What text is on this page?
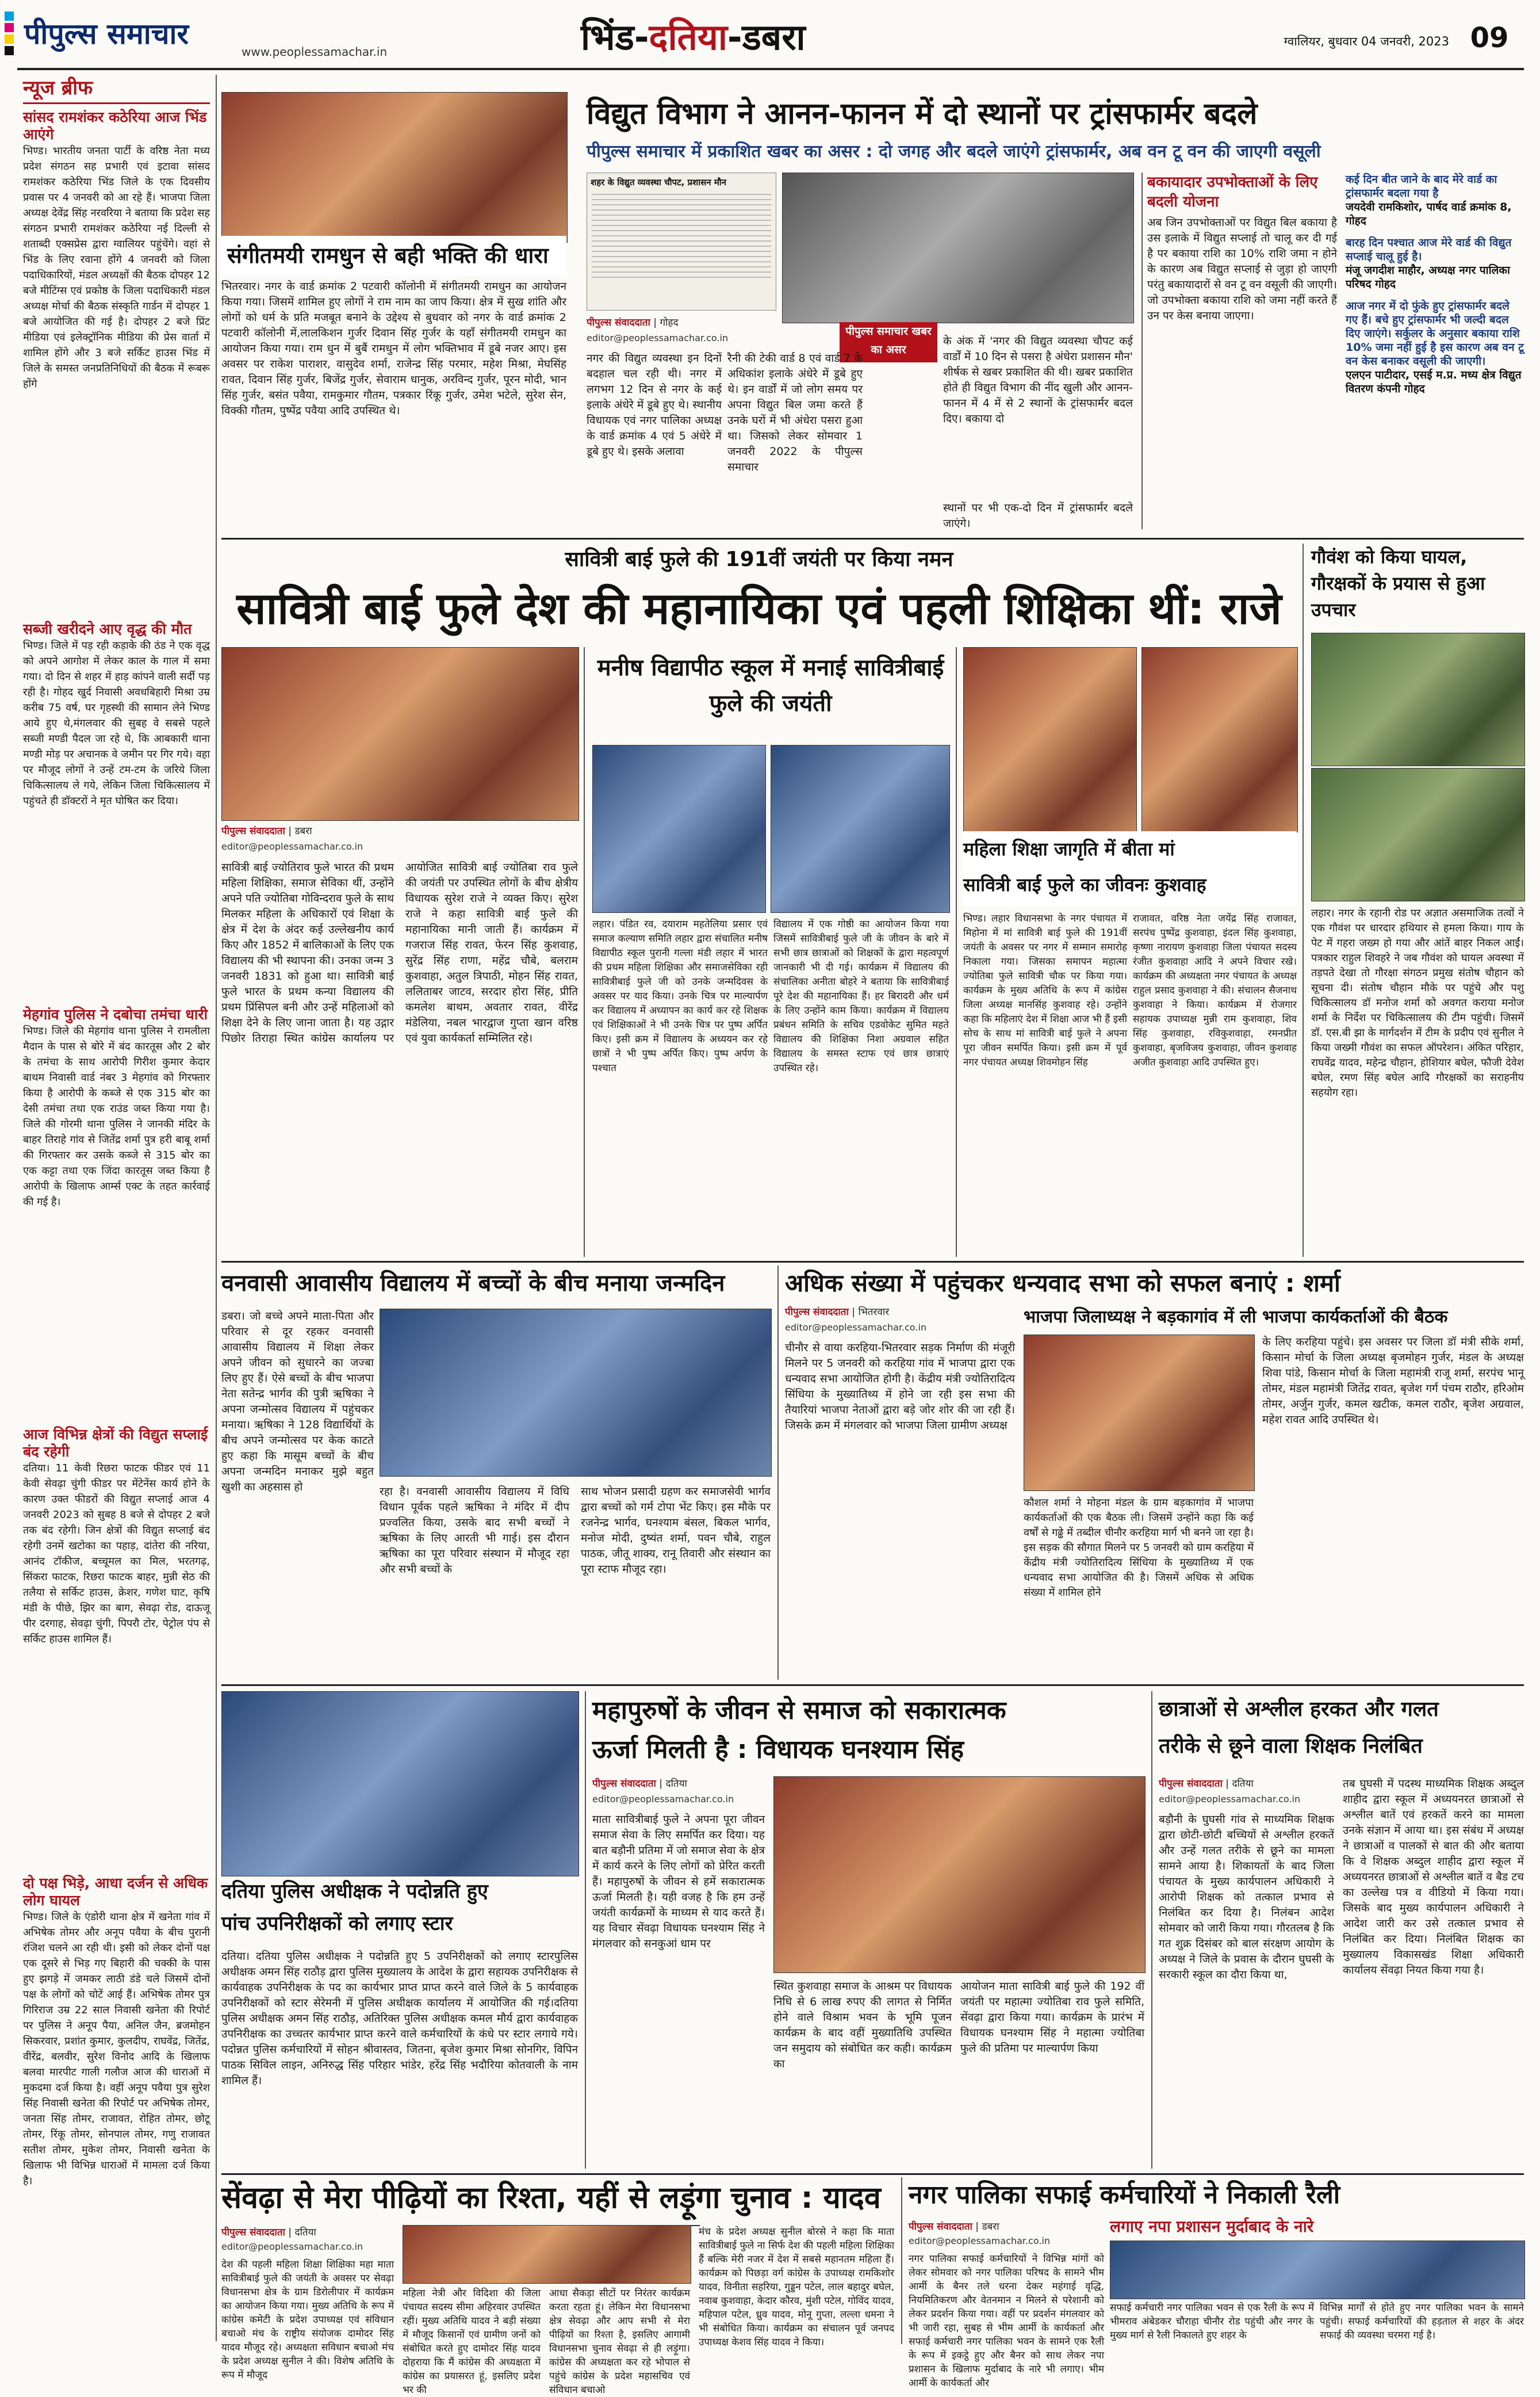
पीपुल्स समाचार
www.peoplessamachar.in	भिंड-दतिया-डबरा	ग्वालियर, बुधवार 04 जनवरी, 2023 09
न्यूज ब्रीफ
सांसद रामशंकर कठेरिया आज भिंड आएंगे
भिण्ड। भारतीय जनता पार्टी के वरिष्ठ नेता मध्य प्रदेश संगठन सह प्रभारी एवं इटावा सांसद रामशंकर कठेरिया भिंड जिले के एक दिवसीय प्रवास पर 4 जनवरी को आ रहे हैं। भाजपा जिला अध्यक्ष देवेंद्र सिंह नरवरिया ने बताया कि प्रदेश सह संगठन प्रभारी रामशंकर कठेरिया नई दिल्ली से शताब्दी एक्सप्रेस द्वारा ग्वालियर पहुंचेंगे। वहां से भिंड के लिए रवाना होंगे 4 जनवरी को जिला पदाधिकारियों, मंडल अध्यक्षों की बैठक दोपहर 12 बजे मीटिंग्स एवं प्रकोष्ठ के जिला पदाधिकारी मंडल अध्यक्ष मोर्चा की बैठक संस्कृति गार्डन में दोपहर 1 बजे आयोजित की गई है। दोपहर 2 बजे प्रिंट मीडिया एवं इलेक्ट्रॉनिक मीडिया की प्रेस वार्ता में शामिल होंगे और 3 बजे सर्किट हाउस भिंड में जिले के समस्त जनप्रतिनिधियों की बैठक में रूबरू होंगे
सब्जी खरीदने आए वृद्ध की मौत
भिण्ड। जिले में पड़ रही कड़ाके की ठंड ने एक वृद्ध को अपने आगोश में लेकर काल के गाल में समा गया। दो दिन से शहर में हाड़ कांपने वाली सर्दी पड़ रही है। गोहद खुर्द निवासी अवधबिहारी मिश्रा उम्र करीब 75 वर्ष, घर गृहस्थी की सामान लेने भिण्ड आये हुए थे,मंगलवार की सुबह वे सबसे पहले सब्जी मण्डी पैदल जा रहे थे, कि आबकारी थाना मण्डी मोड़ पर अचानक वे जमीन पर गिर गये। वहा पर मौजूद लोगों ने उन्हें टम-टम के जरिये जिला चिकित्सालय ले गये, लेकिन जिला चिकित्सालय में पहुंचते ही डॉक्टरों ने मृत घोषित कर दिया।
मेहगांव पुलिस ने दबोचा तमंचा धारी
भिण्ड। जिले की मेहगांव थाना पुलिस ने रामलीला मैदान के पास से बोरे में बंद कारतूस और 2 बोर के तमंचा के साथ आरोपी गिरीश कुमार केदार बाथम निवासी वार्ड नंबर 3 मेहगांव को गिरफ्तार किया है आरोपी के कब्जे से एक 315 बोर का देसी तमंचा तथा एक राउंड जब्त किया गया है। जिले की गोरमी थाना पुलिस ने जानकी मंदिर के बाहर तिराहे गांव से जितेंद्र शर्मा पुत्र हरी बाबू शर्मा की गिरफ्तार कर उसके कब्जे से 315 बोर का एक कट्टा तथा एक जिंदा कारतूस जब्त किया है आरोपी के खिलाफ आर्म्स एक्ट के तहत कार्रवाई की गई है।
आज विभिन्न क्षेत्रों की विद्युत सप्लाई बंद रहेगी
दतिया। 11 केवी रिछरा फाटक फीडर एवं 11 केवी सेवढ़ा चुंगी फीडर पर मेंटेनेंस कार्य होने के कारण उक्त फीडरों की विद्युत सप्लाई आज 4 जनवरी 2023 को सुबह 8 बजे से दोपहर 2 बजे तक बंद रहेगी। जिन क्षेत्रों की विद्युत सप्लाई बंद रहेगी उनमें खटोका का पहाड़, दांतेरा की नरिया, आनंद टॉकीज, बच्चूमल का मिल, भरतगढ़, सिंकरा फाटक, रिछरा फाटक बाहर, मुन्नी सेठ की तलैया से सर्किट हाउस, क्रेशर, गणेश घाट, कृषि मंडी के पीछे, झिर का बाग, सेवढ़ा रोड, दाऊजू पीर दरगाह, सेवढ़ा चुंगी, पिपरौ टोर, पेट्रोल पंप से सर्किट हाउस शामिल हैं।
दो पक्ष भिड़े, आधा दर्जन से अधिक लोग घायल
भिण्ड। जिले के एंडोरी थाना क्षेत्र में खनेता गांव में अभिषेक तोमर और अनूप पवैया के बीच पुरानी रंजिश चलने आ रही थी। इसी को लेकर दोनों पक्ष एक दूसरे से भिड़ गए बिहारी की चक्की के पास हुए झगड़े में जमकर लाठी डंडे चले जिसमें दोनों पक्ष के लोगों को चोटें आई हैं। अभिषेक तोमर पुत्र गिरिराज उम्र 22 साल निवासी खनेता की रिपोर्ट पर पुलिस ने अनूप पैया, अनिल जैन, ब्रजमोहन सिकरवार, प्रशांत कुमार, कुलदीप, राघवेंद्र, जितेंद्र, वीरेंद्र, बलवीर, सुरेश विनोद आदि के खिलाफ बलवा मारपीट गाली गलौज आज की धाराओं में मुकदमा दर्ज किया है। वहीं अनूप पवैया पुत्र सुरेश सिंह निवासी खनेता की रिपोर्ट पर अभिषेक तोमर, जनता सिंह तोमर, राजावत, रोहित तोमर, छोटू तोमर, रिंकू तोमर, सोनपाल तोमर, गणु राजावत सतीश तोमर, मुकेश तोमर, निवासी खनेता के खिलाफ भी विभिन्न धाराओं में मामला दर्ज किया है।
संगीतमयी रामधुन से बही भक्ति की धारा
भितरवार। नगर के वार्ड क्रमांक 2 पटवारी कॉलोनी में संगीतमयी रामधुन का आयोजन किया गया। जिसमें शामिल हुए लोगों ने राम नाम का जाप किया। क्षेत्र में सुख शांति और लोगों को धर्म के प्रति मजबूत बनाने के उद्देश्य से बुधवार को नगर के वार्ड क्रमांक 2 पटवारी कॉलोनी में,लालकिशन गुर्जर दिवान सिंह गुर्जर के यहाँ संगीतमयी रामधुन का आयोजन किया गया। राम धुन में बुबैं रामधुन में लोग भक्तिभाव में डूबे नजर आए। इस अवसर पर राकेश पाराशर, वासुदेव शर्मा, राजेन्द्र सिंह परमार, महेश मिश्रा, मेघसिंह रावत, दिवान सिंह गुर्जर, बिजेंद्र गुर्जर, सेवाराम धानुक, अरविन्द गुर्जर, पूरन मोदी, भान सिंह गुर्जर, बसंत पवैया, रामकुमार गौतम, पत्रकार रिंकू गुर्जर, उमेश भटेले, सुरेश सेन, विक्की गौतम, पुष्पेंद्र पवैया आदि उपस्थित थे।
विद्युत विभाग ने आनन-फानन में दो स्थानों पर ट्रांसफार्मर बदले
पीपुल्स समाचार में प्रकाशित खबर का असर : दो जगह और बदले जाएंगे ट्रांसफार्मर, अब वन टू वन की जाएगी वसूली
शहर के विद्युत व्यवस्था चौपट, प्रशासन मौन
पीपुल्स समाचार खबर का असर
पीपुल्स संवाददाता | गोहद
editor@peoplessamachar.co.in
नगर की विद्युत व्यवस्था इन दिनों बदहाल चल रही थी। नगर में लगभग 12 दिन से नगर के कई इलाके अंधेरे में डूबे हुए थे। स्थानीय विधायक एवं नगर पालिका अध्यक्ष के वार्ड क्रमांक 4 एवं 5 अंधेरे में डूबे हुए थे। इसके अलावा
रैनी की टेकी वार्ड 8 एवं वार्ड 7 के अधिकांश इलाके अंधेरे में डूबे हुए थे। इन वार्डों में जो लोग समय पर अपना विद्युत बिल जमा करते हैं उनके घरों में भी अंधेरा पसरा हुआ था। जिसको लेकर सोमवार 1 जनवरी 2022 के पीपुल्स समाचार
के अंक में 'नगर की विद्युत व्यवस्था चौपट कई वार्डों में 10 दिन से पसरा है अंधेरा प्रशासन मौन' शीर्षक से खबर प्रकाशित की थी। खबर प्रकाशित होते ही विद्युत विभाग की नींद खुली और आनन-फानन में 4 में से 2 स्थानों के ट्रांसफार्मर बदल दिए। बकाया दो
स्थानों पर भी एक-दो दिन में ट्रांसफार्मर बदले जाएंगे।
बकायादार उपभोक्ताओं के लिए बदली योजना
अब जिन उपभोक्ताओं पर विद्युत बिल बकाया है उस इलाके में विद्युत सप्लाई तो चालू कर दी गई है पर बकाया राशि का 10% राशि जमा न होने के कारण अब विद्युत सप्लाई से जुड़ा हो जाएगी परंतु बकायादारों से वन टू वन वसूली की जाएगी। जो उपभोक्ता बकाया राशि को जमा नहीं करते हैं उन पर केस बनाया जाएगा।
कई दिन बीत जाने के बाद मेरे वार्ड का ट्रांसफार्मर बदला गया है
जयदेवी रामकिशोर, पार्षद वार्ड क्रमांक 8, गोहद
बारह दिन पश्चात आज मेरे वार्ड की विद्युत सप्लाई चालू हुई है।
मंजू जगदीश माहौर, अध्यक्ष नगर पालिका परिषद गोहद
आज नगर में दो फुंके हुए ट्रांसफार्मर बदले गए हैं। बचे हुए ट्रांसफार्मर भी जल्दी बदल दिए जाएंगे। सर्कुलर के अनुसार बकाया राशि 10% जमा नहीं हुई है इस कारण अब वन टू वन केस बनाकर वसूली की जाएगी।
एलएन पाटीदार, एसई म.प्र. मध्य क्षेत्र विद्युत वितरण कंपनी गोहद
सावित्री बाई फुले की 191वीं जयंती पर किया नमन
सावित्री बाई फुले देश की महानायिका एवं पहली शिक्षिका थीं: राजे
पीपुल्स संवाददाता | डबरा
editor@peoplessamachar.co.in
सावित्री बाई ज्योतिराव फुले भारत की प्रथम महिला शिक्षिका, समाज सेविका थीं, उन्होंने अपने पति ज्योतिबा गोविन्दराव फुले के साथ मिलकर महिला के अधिकारों एवं शिक्षा के क्षेत्र में देश के अंदर कई उल्लेखनीय कार्य किए और 1852 में बालिकाओं के लिए एक विद्यालय की भी स्थापना की। उनका जन्म 3 जनवरी 1831 को हुआ था। सावित्री बाई फुले भारत के प्रथम कन्या विद्यालय की प्रथम प्रिंसिपल बनी और उन्हें महिलाओं को शिक्षा देने के लिए जाना जाता है। यह उद्गार पिछोर तिराहा स्थित कांग्रेस कार्यालय पर आयोजित सावित्री बाई ज्योतिबा राव फुले की जयंती पर उपस्थित लोगों के बीच क्षेत्रीय विधायक सुरेश राजे ने व्यक्त किए। सुरेश राजे ने कहा सावित्री बाई फुले की महानायिका मानी जाती हैं। कार्यक्रम में गजराज सिंह रावत, फेरन सिंह कुशवाह, सुरेंद्र सिंह राणा, महेंद्र चौबे, बलराम कुशवाहा, अतुल त्रिपाठी, मोहन सिंह रावत, ललिताबर जाटव, सरदार होरा सिंह, प्रीति कमलेश बाथम, अवतार रावत, वीरेंद्र मंडेलिया, नबल भारद्वाज गुप्ता खान वरिष्ठ एवं युवा कार्यकर्ता सम्मिलित रहे।
मनीष विद्यापीठ स्कूल में मनाई सावित्रीबाई फुले की जयंती
लहार। पंडित रव, दयाराम महतेलिया प्रसार एवं समाज कल्याण समिति लहार द्वारा संचालित मनीष विद्यापीठ स्कूल पुरानी गल्ला मंडी लहार में भारत की प्रथम महिला शिक्षिका और समाजसेविका रही सावित्रीबाई फुले जी को उनके जन्मदिवस के अवसर पर याद किया। उनके चित्र पर माल्यार्पण कर विद्यालय में अध्यापन का कार्य कर रहे शिक्षक एवं शिक्षिकाओं ने भी उनके चित्र पर पुष्प अर्पित किए। इसी क्रम में विद्यालय के अध्ययन कर रहे छात्रों ने भी पुष्प अर्पित किए। पुष्प अर्पण के पश्चात
विद्यालय में एक गोष्ठी का आयोजन किया गया जिसमें सावित्रीबाई फुले जी के जीवन के बारे में सभी छात्र छात्राओं को शिक्षकों के द्वारा महत्वपूर्ण जानकारी भी दी गई। कार्यक्रम में विद्यालय की संचालिका अनीता बोहरे ने बताया कि सावित्रीबाई पूरे देश की महानायिका हैं। हर बिरादरी और धर्म के लिए उन्होंने काम किया। कार्यक्रम में विद्यालय प्रबंधन समिति के सचिव एडवोकेट सुमित महते विद्यालय की शिक्षिका निशा अग्रवाल सहित विद्यालय के समस्त स्टाफ एवं छात्र छात्राएं उपस्थित रहे।
महिला शिक्षा जागृति में बीता मां
सावित्री बाई फुले का जीवनः कुशवाह
भिण्ड। लहार विधानसभा के नगर पंचायत में मिहोना में मां सावित्री बाई फुले की 191वीं जयंती के अवसर पर नगर में सम्मान समारोह निकाला गया। जिसका समापन महात्मा ज्योतिबा फुले सावित्री चौक पर किया गया। कार्यक्रम के मुख्य अतिथि के रूप में कांग्रेस जिला अध्यक्ष मानसिंह कुशवाह रहे। उन्होंने कहा कि महिलाएं देश में शिक्षा आज भी हैं इसी सोच के साथ मां सावित्री बाई फुले ने अपना पूरा जीवन समर्पित किया। इसी क्रम में पूर्व नगर पंचायत अध्यक्ष शिवमोहन सिंह
राजावत, वरिष्ठ नेता जयेंद्र सिंह राजावत, सरपंच पुष्पेंद्र कुशवाहा, इंदल सिंह कुशवाहा, कृष्णा नारायण कुशवाहा जिला पंचायत सदस्य रंजीत कुशवाहा आदि ने अपने विचार रखे। कार्यक्रम की अध्यक्षता नगर पंचायत के अध्यक्ष राहुल प्रसाद कुशवाहा ने की। संचालन सैजनाथ कुशवाहा ने किया। कार्यक्रम में रोजगार सहायक उपाध्यक्ष मुन्नी राम कुशवाहा, शिव सिंह कुशवाहा, रविकुशवाहा, रमनप्रीत कुशवाहा, बृजविजय कुशवाहा, जीवन कुशवाह अजीत कुशवाहा आदि उपस्थित हुए।
गौवंश को किया घायल, गौरक्षकों के प्रयास से हुआ उपचार
लहार। नगर के रहानी रोड पर अज्ञात असमाजिक तत्वों ने एक गौवंश पर धारदार हथियार से हमला किया। गाय के पेट में गहरा जख्म हो गया और आंतें बाहर निकल आईं। पत्रकार राहुल शिवहरे ने जब गौवंश को घायल अवस्था में तड़पते देखा तो गौरक्षा संगठन प्रमुख संतोष चौहान को सूचना दी। संतोष चौहान मौके पर पहुंचे और पशु चिकित्सालय डॉ मनोज शर्मा को अवगत कराया मनोज शर्मा के निर्देश पर चिकित्सालय की टीम पहुंची। जिसमें डॉ. एस.बी झा के मार्गदर्शन में टीम के प्रदीप एवं सुनील ने किया जख्मी गौवंश का सफल ऑपरेशन। अंकित परिहार, राघवेंद्र यादव, महेन्द्र चौहान, होशियार बघेल, फौजी देवेश बघेल, रमण सिंह बघेल आदि गौरक्षकों का सराहनीय सहयोग रहा।
वनवासी आवासीय विद्यालय में बच्चों के बीच मनाया जन्मदिन
डबरा। जो बच्चे अपने माता-पिता और परिवार से दूर रहकर वनवासी आवासीय विद्यालय में शिक्षा लेकर अपने जीवन को सुधारने का जज्बा लिए हुए हैं। ऐसे बच्चों के बीच भाजपा नेता सतेन्द्र भार्गव की पुत्री ऋषिका ने अपना जन्मोत्सव विद्यालय में पहुंचकर मनाया। ऋषिका ने 128 विद्यार्थियों के बीच अपने जन्मोत्सव पर केक काटते हुए कहा कि मासूम बच्चों के बीच अपना जन्मदिन मनाकर मुझे बहुत खुशी का अहसास हो	रहा है। वनवासी आवासीय विद्यालय में विधि विधान पूर्वक पहले ऋषिका ने मंदिर में दीप प्रज्वलित किया, उसके बाद सभी बच्चों ने ऋषिका के लिए आरती भी गाई। इस दौरान ऋषिका का पूरा परिवार संस्थान में मौजूद रहा और सभी बच्चों के
साथ भोजन प्रसादी ग्रहण कर समाजसेवी भार्गव द्वारा बच्चों को गर्म टोपा भेंट किए। इस मौके पर रजनेन्द्र भार्गव, घनश्याम बंसल, बिकल भार्गव, मनोज मोदी, दुष्यंत शर्मा, पवन चौबे, राहुल पाठक, जीतू शाक्य, रानू तिवारी और संस्थान का पूरा स्टाफ मौजूद रहा।
अधिक संख्या में पहुंचकर धन्यवाद सभा को सफल बनाएं : शर्मा
पीपुल्स संवाददाता | भितरवार
editor@peoplessamachar.co.in
भाजपा जिलाध्यक्ष ने बड़कागांव में ली भाजपा कार्यकर्ताओं की बैठक
चीनौर से वाया करहिया-भितरवार सड़क निर्माण की मंजूरी मिलने पर 5 जनवरी को करहिया गांव में भाजपा द्वारा एक धन्यवाद सभा आयोजित होगी है। केंद्रीय मंत्री ज्योतिरादित्य सिंधिया के मुख्यातिथ्य में होने जा रही इस सभा की तैयारियां भाजपा नेताओं द्वारा बड़े जोर शोर की जा रही हैं। जिसके क्रम में मंगलवार को भाजपा जिला ग्रामीण अध्यक्ष
कौशल शर्मा ने मोहना मंडल के ग्राम बड़कागांव में भाजपा कार्यकर्ताओं की एक बैठक ली। जिसमें उन्होंने कहा कि कई वर्षों से गढ्ढे में तब्दील चीनौर करहिया मार्ग भी बनने जा रहा है। इस सड़क की सौगात मिलने पर 5 जनवरी को ग्राम करहिया में केंद्रीय मंत्री ज्योतिरादित्य सिंधिया के मुख्यातिथ्य में एक धन्यवाद सभा आयोजित की है। जिसमें अधिक से अधिक संख्या में शामिल होने
के लिए करहिया पहुंचे। इस अवसर पर जिला डॉ मंत्री सीके शर्मा, किसान मोर्चा के जिला अध्यक्ष बृजमोहन गुर्जर, मंडल के अध्यक्ष शिवा पांडे, किसान मोर्चा के जिला महामंत्री राजू शर्मा, सरपंच भानू तोमर, मंडल महामंत्री जितेंद्र रावत, बृजेश गर्ग पंचम राठौर, हरिओम तोमर, अर्जुन गुर्जर, कमल खटीक, कमल राठौर, बृजेश अग्रवाल, महेश रावत आदि उपस्थित थे।
दतिया पुलिस अधीक्षक ने पदोन्नति हुए
पांच उपनिरीक्षकों को लगाए स्टार
दतिया। दतिया पुलिस अधीक्षक ने पदोन्नति हुए 5 उपनिरीक्षकों को लगाए स्टारपुलिस अधीक्षक अमन सिंह राठौड़ द्वारा पुलिस मुख्यालय के आदेश के द्वारा सहायक उपनिरीक्षक से कार्यवाहक उपनिरीक्षक के पद का कार्यभार प्राप्त प्राप्त करने वाले जिले के 5 कार्यवाहक उपनिरीक्षकों को स्टार सेरेमनी में पुलिस अधीक्षक कार्यालय में आयोजित की गई।दतिया पुलिस अधीक्षक अमन सिंह राठौड़, अतिरिक्त पुलिस अधीक्षक कमल मौर्य द्वारा कार्यवाहक उपनिरीक्षक का उच्चतर कार्यभार प्राप्त करने वाले कर्मचारियों के कंधे पर स्टार लगाये गये। पदोन्नत पुलिस कर्मचारियों में सोहन श्रीवास्तव, जितना, बृजेश कुमार मिश्रा सोनगिर, विपिन पाठक सिविल लाइन, अनिरुद्ध सिंह परिहार भांडेर, हरेंद्र सिंह भदौरिया कोतवाली के नाम शामिल हैं।
महापुरुषों के जीवन से समाज को सकारात्मक
ऊर्जा मिलती है : विधायक घनश्याम सिंह
पीपुल्स संवाददाता | दतिया
editor@peoplessamachar.co.in
माता सावित्रीबाई फुले ने अपना पूरा जीवन समाज सेवा के लिए समर्पित कर दिया। यह बात बड़ौनी प्रतिमा में जो समाज सेवा के क्षेत्र में कार्य करने के लिए लोगों को प्रेरित करती हैं। महापुरुषों के जीवन से हमें सकारात्मक ऊर्जा मिलती है। यही वजह है कि हम उन्हें जयंती कार्यक्रमों के माध्यम से याद करते हैं। यह विचार सेंवढ़ा विधायक घनश्याम सिंह ने मंगलवार को सनकुआं धाम पर
स्थित कुशवाहा समाज के आश्रम पर विधायक निधि से 6 लाख रुपए की लागत से निर्मित होने वाले विश्राम भवन के भूमि पूजन कार्यक्रम के बाद वहीं मुख्यातिथि उपस्थित जन समुदाय को संबोधित कर कही। कार्यक्रम का
आयोजन माता सावित्री बाई फुले की 192 वीं जयंती पर महात्मा ज्योतिबा राव फुले समिति, सेंवढ़ा द्वारा किया गया। कार्यक्रम के प्रारंभ में विधायक घनश्याम सिंह ने महात्मा ज्योतिबा फुले की प्रतिमा पर माल्यार्पण किया
छात्राओं से अश्लील हरकत और गलत
तरीके से छूने वाला शिक्षक निलंबित
पीपुल्स संवाददाता | दतिया
editor@peoplessamachar.co.in
बड़ौनी के घुघसी गांव से माध्यमिक शिक्षक द्वारा छोटी-छोटी बच्चियों से अश्लील हरकतें और उन्हें गलत तरीके से छूने का मामला सामने आया है। शिकायतों के बाद जिला पंचायत के मुख्य कार्यपालन अधिकारी ने आरोपी शिक्षक को तत्काल प्रभाव से निलंबित कर दिया है। निलंबन आदेश सोमवार को जारी किया गया। गौरतलब है कि गत शुक्र दिसंबर को बाल संरक्षण आयोग के अध्यक्ष ने जिले के प्रवास के दौरान घुघसी के सरकारी स्कूल का दौरा किया था,
तब घुघसी में पदस्थ माध्यमिक शिक्षक अब्दुल शाहीद द्वारा स्कूल में अध्ययनरत छात्राओं से अश्लील बातें एवं हरकतें करने का मामला उनके संज्ञान में आया था। इस संबंध में अध्यक्ष ने छात्राओं व पालकों से बात की और बताया कि वे शिक्षक अब्दुल शाहीद द्वारा स्कूल में अध्ययनरत छात्राओं से अश्लील बातें व बैड टच का उल्लेख पत्र व वीडियो में किया गया। जिसके बाद मुख्य कार्यपालन अधिकारी ने आदेश जारी कर उसे तत्काल प्रभाव से निलंबित कर दिया। निलंबित शिक्षक का मुख्यालय विकासखंड शिक्षा अधिकारी कार्यालय सेंवढ़ा नियत किया गया है।
सेंवढ़ा से मेरा पीढ़ियों का रिश्ता, यहीं से लड़ूंगा चुनाव : यादव
पीपुल्स संवाददाता | दतिया
editor@peoplessamachar.co.in
देश की पहली महिला शिक्षा शिक्षिका महा माता सावित्रीबाई फुले की जयंती के अवसर पर सेवढ़ा विधानसभा क्षेत्र के ग्राम डिरोलीपार में कार्यक्रम का आयोजन किया गया। मुख्य अतिथि के रूप में कांग्रेस कमेटी के प्रदेश उपाध्यक्ष एवं संविधान बचाओ मंच के राष्ट्रीय संयोजक दामोदर सिंह यादव मौजूद रहे। अध्यक्षता सविधान बचाओ मंच के प्रदेश अध्यक्ष सुनील ने की। विशेष अतिथि के रूप में मौजूद
महिला नेत्री और विदिशा की जिला पंचायत सदस्य सीमा अहिरवार उपस्थित रहीं। मुख्य अतिथि यादव ने बड़ी संख्या में मौजूद किसानों एवं ग्रामीण जनों को संबोधित करते हुए दामोदर सिंह यादव दोहराया कि मैं कांग्रेस की अध्यक्षता में कांग्रेस का प्रयासरत हूं, इसलिए प्रदेश भर की
आधा सैकड़ा सीटों पर निरंतर कार्यक्रम करता रहता हूं। लेकिन मेरा विधानसभा क्षेत्र सेवढ़ा और आप सभी से मेरा पीढ़ियों का रिश्ता है, इसलिए आगामी विधानसभा चुनाव सेवढ़ा से ही लड़ूंगा। कांग्रेस की अध्यक्षता कर रहे भोपाल से पहुंचे कांग्रेस के प्रदेश महासचिव एवं संविधान बचाओ
मंच के प्रदेश अध्यक्ष सुनील बोरसे ने कहा कि माता सावित्रीबाई फुले ना सिर्फ देश की पहली महिला शिक्षिका हैं बल्कि मेरी नजर में देश में सबसे महानतम महिला हैं। कार्यक्रम को पिछड़ा वर्ग कांग्रेस के उपाध्यक्ष रामकिशोर यादव, विनीता सहरिया, गुड्डन पटेल, लाल बहादुर बघेल, नवाब कुशवाहा, केदार कौरव, मुंशी पटेल, गोविंद यादव, महिपाल पटेल, ध्रुव यादव, मोनू गुप्ता, लल्ला धमना ने भी संबोधित किया। कार्यक्रम का संचालन पूर्व जनपद उपाध्यक्ष केशव सिंह यादव ने किया।
नगर पालिका सफाई कर्मचारियों ने निकाली रैली
लगाए नपा प्रशासन मुर्दाबाद के नारे
पीपुल्स संवाददाता | डबरा
editor@peoplessamachar.co.in
नगर पालिका सफाई कर्मचारियों ने विभिन्न मांगों को लेकर सोमवार को नगर पालिका परिषद के सामने भीम आर्मी के बैनर तले धरना देकर महंगाई वृद्धि, नियमितिकरण और वेतनमान न मिलने से परेशानी को लेकर प्रदर्शन किया गया। वहीं पर प्रदर्शन मंगलवार को भी जारी रहा, सुबह से भीम आर्मी के कार्यकर्ता और सफाई कर्मचारी नगर पालिका भवन के सामने एक रैली के रूप में इकट्ठे हुए और बैनर को साथ लेकर नपा प्रशासन के खिलाफ मुर्दाबाद के नारे भी लगाए। भीम आर्मी के कार्यकर्ता और
सफाई कर्मचारी नगर पालिका भवन से एक रैली के रूप में भीमराव अंबेडकर चौराहा चीनौर रोड पहुंची और नगर के मुख्य मार्ग से रैली निकालते हुए शहर के
विभिन्न मार्गों से होते हुए नगर पालिका भवन के सामने पहुंची। सफाई कर्मचारियों की हड़ताल से शहर के अंदर सफाई की व्यवस्था चरमरा गई है।
